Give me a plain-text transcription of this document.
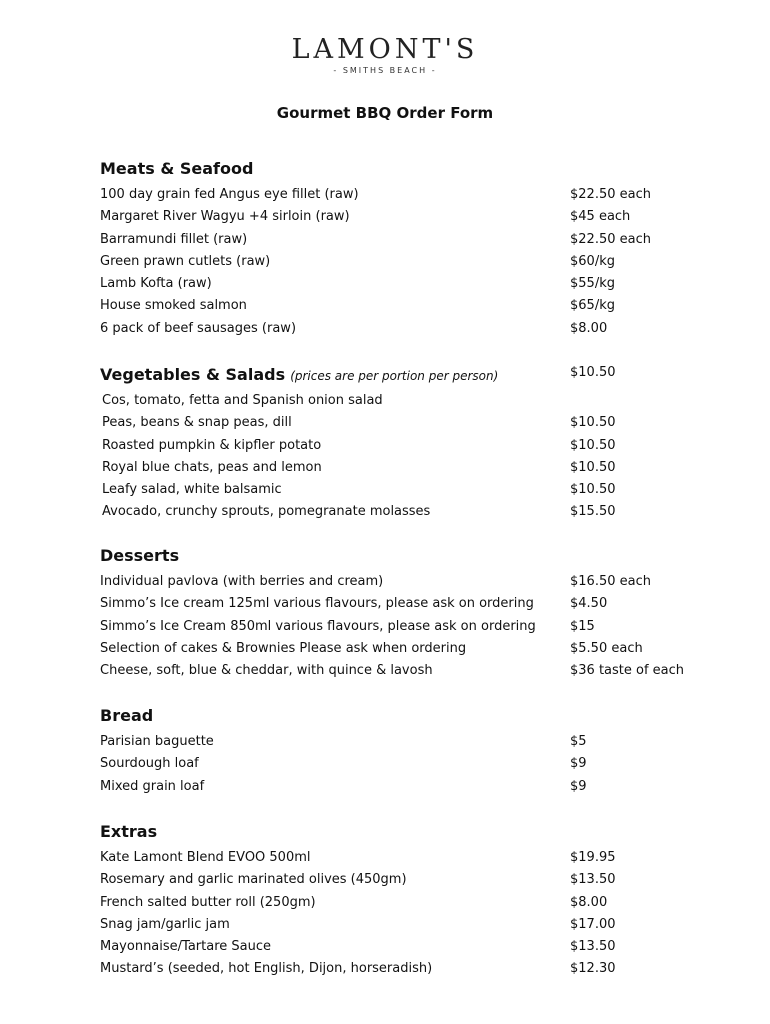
LAMONT'S
- SMITHS BEACH -
Gourmet BBQ Order Form
Meats & Seafood
100 day grain fed Angus eye fillet (raw)	$22.50 each
Margaret River Wagyu +4 sirloin (raw)	$45 each
Barramundi fillet (raw)	$22.50 each
Green prawn cutlets (raw)	$60/kg
Lamb Kofta (raw)	$55/kg
House smoked salmon	$65/kg
6 pack of beef sausages (raw)	$8.00
Vegetables & Salads (prices are per portion per person)	$10.50
Cos, tomato, fetta and Spanish onion salad
Peas, beans & snap peas, dill	$10.50
Roasted pumpkin & kipfler potato	$10.50
Royal blue chats, peas and lemon	$10.50
Leafy salad, white balsamic	$10.50
Avocado, crunchy sprouts, pomegranate molasses	$15.50
Desserts
Individual pavlova (with berries and cream)	$16.50 each
Simmo’s Ice cream 125ml various flavours, please ask on ordering	$4.50
Simmo’s Ice Cream 850ml various flavours, please ask on ordering	$15
Selection of cakes & Brownies Please ask when ordering	$5.50 each
Cheese, soft, blue & cheddar, with quince & lavosh	$36 taste of each
Bread
Parisian baguette	$5
Sourdough loaf	$9
Mixed grain loaf	$9
Extras
Kate Lamont Blend EVOO 500ml	$19.95
Rosemary and garlic marinated olives (450gm)	$13.50
French salted butter roll (250gm)	$8.00
Snag jam/garlic jam	$17.00
Mayonnaise/Tartare Sauce	$13.50
Mustard’s (seeded, hot English, Dijon, horseradish)	$12.30
